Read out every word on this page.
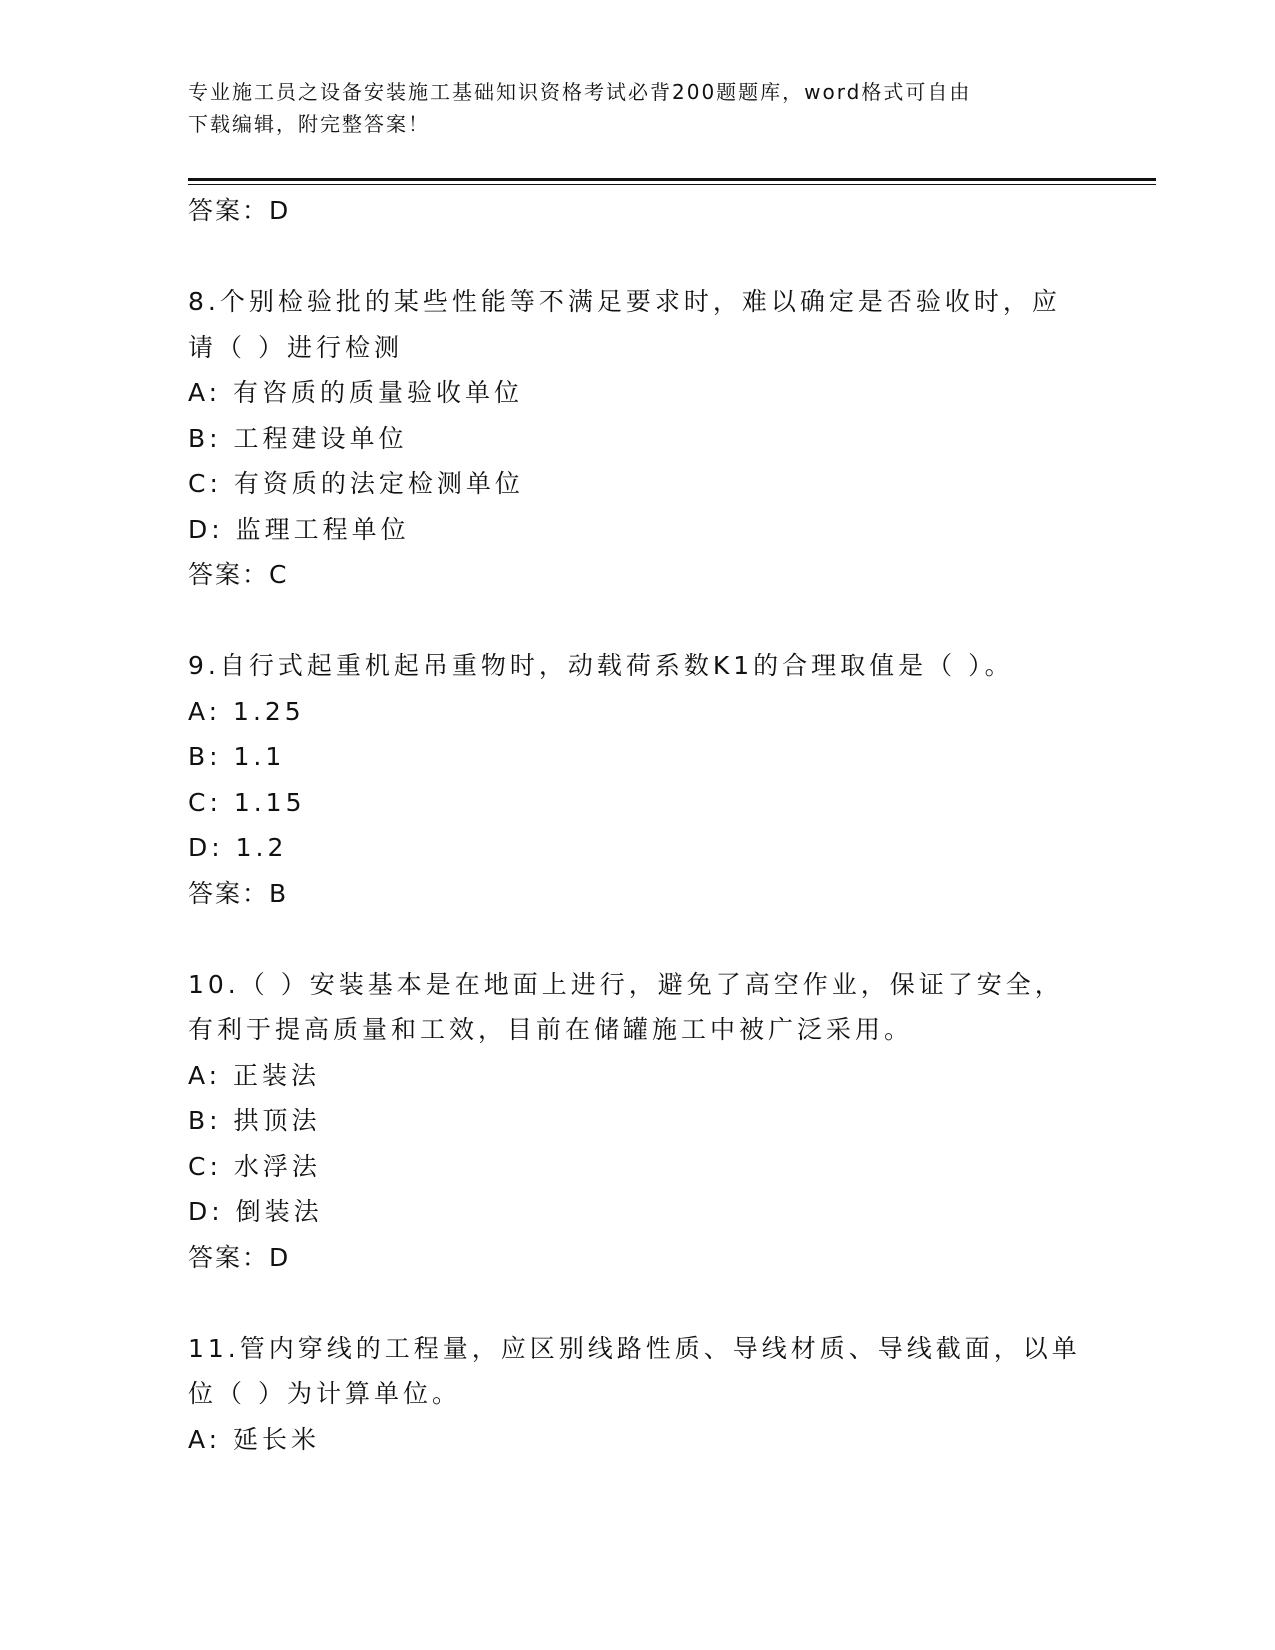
专业施工员之设备安装施工基础知识资格考试必背200题题库，word格式可自由
下载编辑，附完整答案！
答案：D
8.个别检验批的某些性能等不满足要求时，难以确定是否验收时，应
请（ ）进行检测
A: 有咨质的质量验收单位
B: 工程建设单位
C: 有资质的法定检测单位
D: 监理工程单位
答案：C
9.自行式起重机起吊重物时，动载荷系数K1的合理取值是（ ）。
A: 1.25
B: 1.1
C: 1.15
D: 1.2
答案：B
10.（ ）安装基本是在地面上进行，避免了高空作业，保证了安全，
有利于提高质量和工效，目前在储罐施工中被广泛采用。
A: 正装法
B: 拱顶法
C: 水浮法
D: 倒装法
答案：D
11.管内穿线的工程量，应区别线路性质、导线材质、导线截面，以单
位（ ）为计算单位。
A: 延长米
